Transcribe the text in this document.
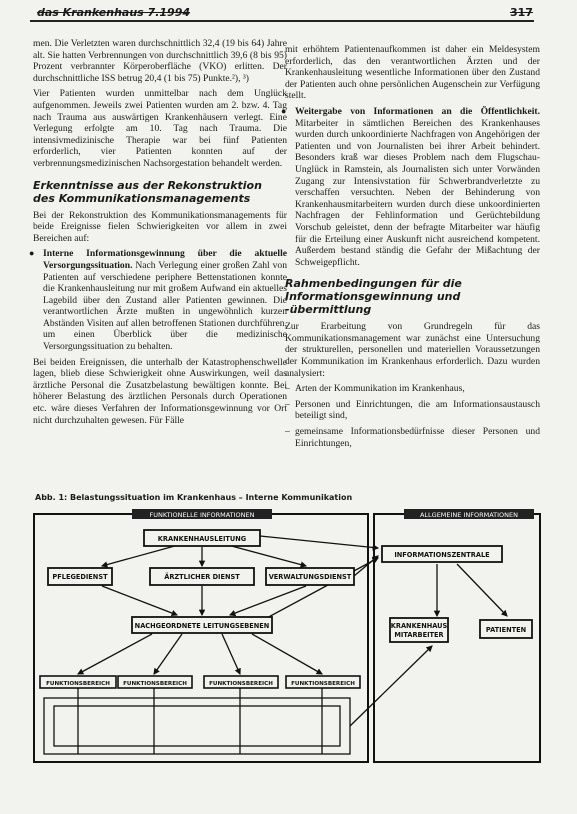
das Krankenhaus 7.1994	317

men. Die Verletzten waren durchschnittlich 32,4 (19 bis 64) Jahre alt. Sie hatten Verbrennungen von durchschnittlich 39,6 (8 bis 95) Prozent verbrannter Körperoberfläche (VKO) erlitten. Der durchschnittliche ISS betrug 20,4 (1 bis 75) Punkte.²), ³)

Vier Patienten wurden unmittelbar nach dem Unglück aufgenommen. Jeweils zwei Patienten wurden am 2. bzw. 4. Tag nach Trauma aus auswärtigen Krankenhäusern verlegt. Eine Verlegung erfolgte am 10. Tag nach Trauma. Die intensivmedizinische Therapie war bei fünf Patienten erforderlich, vier Patienten konnten auf der verbrennungsmedizinischen Nachsorgestation behandelt werden.

Erkenntnisse aus der Rekonstruktion des Kommunikationsmanagements

Bei der Rekonstruktion des Kommunikationsmanagements für beide Ereignisse fielen Schwierigkeiten vor allem in zwei Bereichen auf:

● Interne Informationsgewinnung über die aktuelle Versorgungssituation. Nach Verlegung einer großen Zahl von Patienten auf verschiedene periphere Bettenstationen konnte die Krankenhausleitung nur mit großem Aufwand ein aktuelles Lagebild über den Zustand aller Patienten gewinnen. Die verantwortlichen Ärzte mußten in ungewöhnlich kurzen Abständen Visiten auf allen betroffenen Stationen durchführen, um einen Überblick über die medizinische Versorgungssituation zu behalten.

Bei beiden Ereignissen, die unterhalb der Katastrophenschwelle lagen, blieb diese Schwierigkeit ohne Auswirkungen, weil das ärztliche Personal die Zusatzbelastung bewältigen konnte. Bei höherer Belastung des ärztlichen Personals durch Operationen etc. wäre dieses Verfahren der Informationsgewinnung vor Ort nicht durchzuhalten gewesen. Für Fälle

mit erhöhtem Patientenaufkommen ist daher ein Meldesystem erforderlich, das den verantwortlichen Ärzten und der Krankenhausleitung wesentliche Informationen über den Zustand der Patienten auch ohne persönlichen Augenschein zur Verfügung stellt.

● Weitergabe von Informationen an die Öffentlichkeit. Mitarbeiter in sämtlichen Bereichen des Krankenhauses wurden durch unkoordinierte Nachfragen von Angehörigen der Patienten und von Journalisten bei ihrer Arbeit behindert. Besonders kraß war dieses Problem nach dem Flugschau-Unglück in Ramstein, als Journalisten sich unter Vorwänden Zugang zur Intensivstation für Schwerbrandverletzte zu verschaffen versuchten. Neben der Behinderung von Krankenhausmitarbeitern wurden durch diese unkoordinierten Nachfragen der Fehlinformation und Gerüchtebildung Vorschub geleistet, denn der befragte Mitarbeiter war häufig für die Erteilung einer Auskunft nicht ausreichend kompetent. Außerdem bestand ständig die Gefahr der Mißachtung der Schweigepflicht.
Rahmenbedingungen für die Informationsgewinnung und -übermittlung

Zur Erarbeitung von Grundregeln für das Kommunikationsmanagement war zunächst eine Untersuchung der strukturellen, personellen und materiellen Voraussetzungen der Kommunikation im Krankenhaus erforderlich. Dazu wurden analysiert:

– Arten der Kommunikation im Krankenhaus,
– Personen und Einrichtungen, die am Informationsaustausch beteiligt sind,
– gemeinsame Informationsbedürfnisse dieser Personen und Einrichtungen,
Abb. 1: Belastungssituation im Krankenhaus – Interne Kommunikation
FUNKTIONELLE INFORMATIONEN	ALLGEMEINE INFORMATIONEN
KRANKENHAUSLEITUNG
PFLEGEDIENST	ÄRZTLICHER DIENST	VERWALTUNGSDIENST
NACHGEORDNETE LEITUNGSEBENEN
INFORMATIONSZENTRALE
KRANKENHAUS
MITARBEITER
PATIENTEN
FUNKTIONSBEREICH FUNKTIONSBEREICH	FUNKTIONSBEREICH	FUNKTIONSBEREICH
